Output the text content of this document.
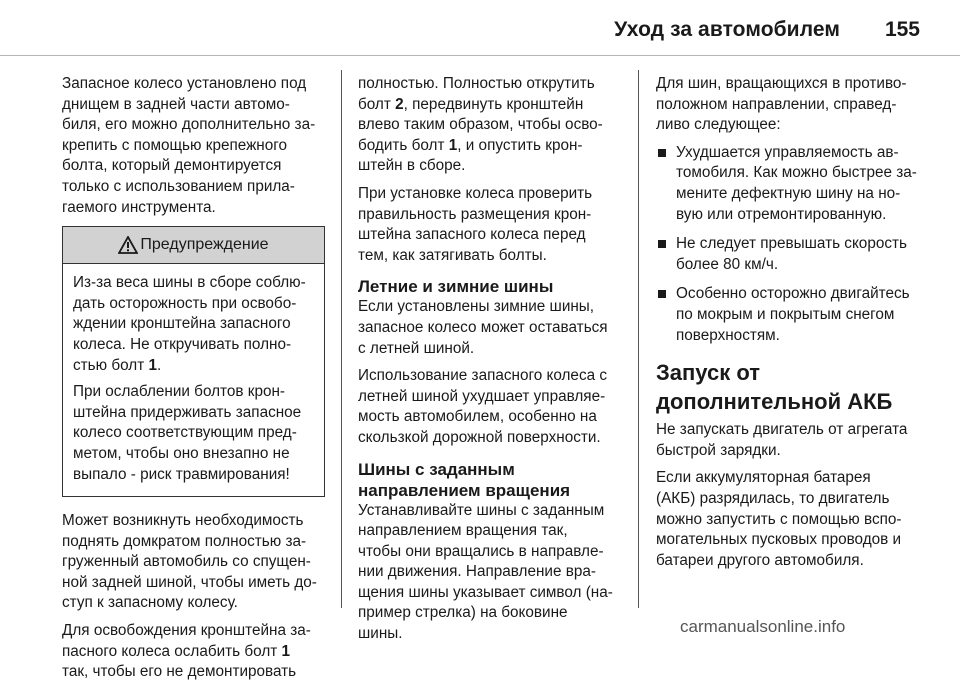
Уход за автомобилем	155

Запасное колесо установлено под
днищем в задней части автомо-
биля, его можно дополнительно за-
крепить с помощью крепежного
болта, который демонтируется
только с использованием прила-
гаемого инструмента.

Предупреждение

Из-за веса шины в сборе соблю-
дать осторожность при освобо-
ждении кронштейна запасного
колеса. Не откручивать полно-
стью болт 1.

При ослаблении болтов крон-
штейна придерживать запасное
колесо соответствующим пред-
метом, чтобы оно внезапно не
выпало - риск травмирования!

Может возникнуть необходимость
поднять домкратом полностью за-
груженный автомобиль со спущен-
ной задней шиной, чтобы иметь до-
ступ к запасному колесу.

Для освобождения кронштейна за-
пасного колеса ослабить болт 1
так, чтобы его не демонтировать

полностью. Полностью открутить
болт 2, передвинуть кронштейн
влево таким образом, чтобы осво-
бодить болт 1, и опустить крон-
штейн в сборе.

При установке колеса проверить
правильность размещения крон-
штейна запасного колеса перед
тем, как затягивать болты.

Летние и зимние шины

Если установлены зимние шины,
запасное колесо может оставаться
с летней шиной.

Использование запасного колеса с
летней шиной ухудшает управляе-
мость автомобилем, особенно на
скользкой дорожной поверхности.

Шины с заданным
направлением вращения

Устанавливайте шины с заданным
направлением вращения так,
чтобы они вращались в направле-
нии движения. Направление вра-
щения шины указывает символ (на-
пример стрелка) на боковине
шины.

Для шин, вращающихся в противо-
положном направлении, справед-
ливо следующее:

Ухудшается управляемость ав-
томобиля. Как можно быстрее за-
мените дефектную шину на но-
вую или отремонтированную.
Не следует превышать скорость
более 80 км/ч.
Особенно осторожно двигайтесь
по мокрым и покрытым снегом
поверхностям.
Запуск от
дополнительной АКБ

Не запускать двигатель от агрегата
быстрой зарядки.

Если аккумуляторная батарея
(АКБ) разрядилась, то двигатель
можно запустить с помощью вспо-
могательных пусковых проводов и
батареи другого автомобиля.

carmanualsonline.info
